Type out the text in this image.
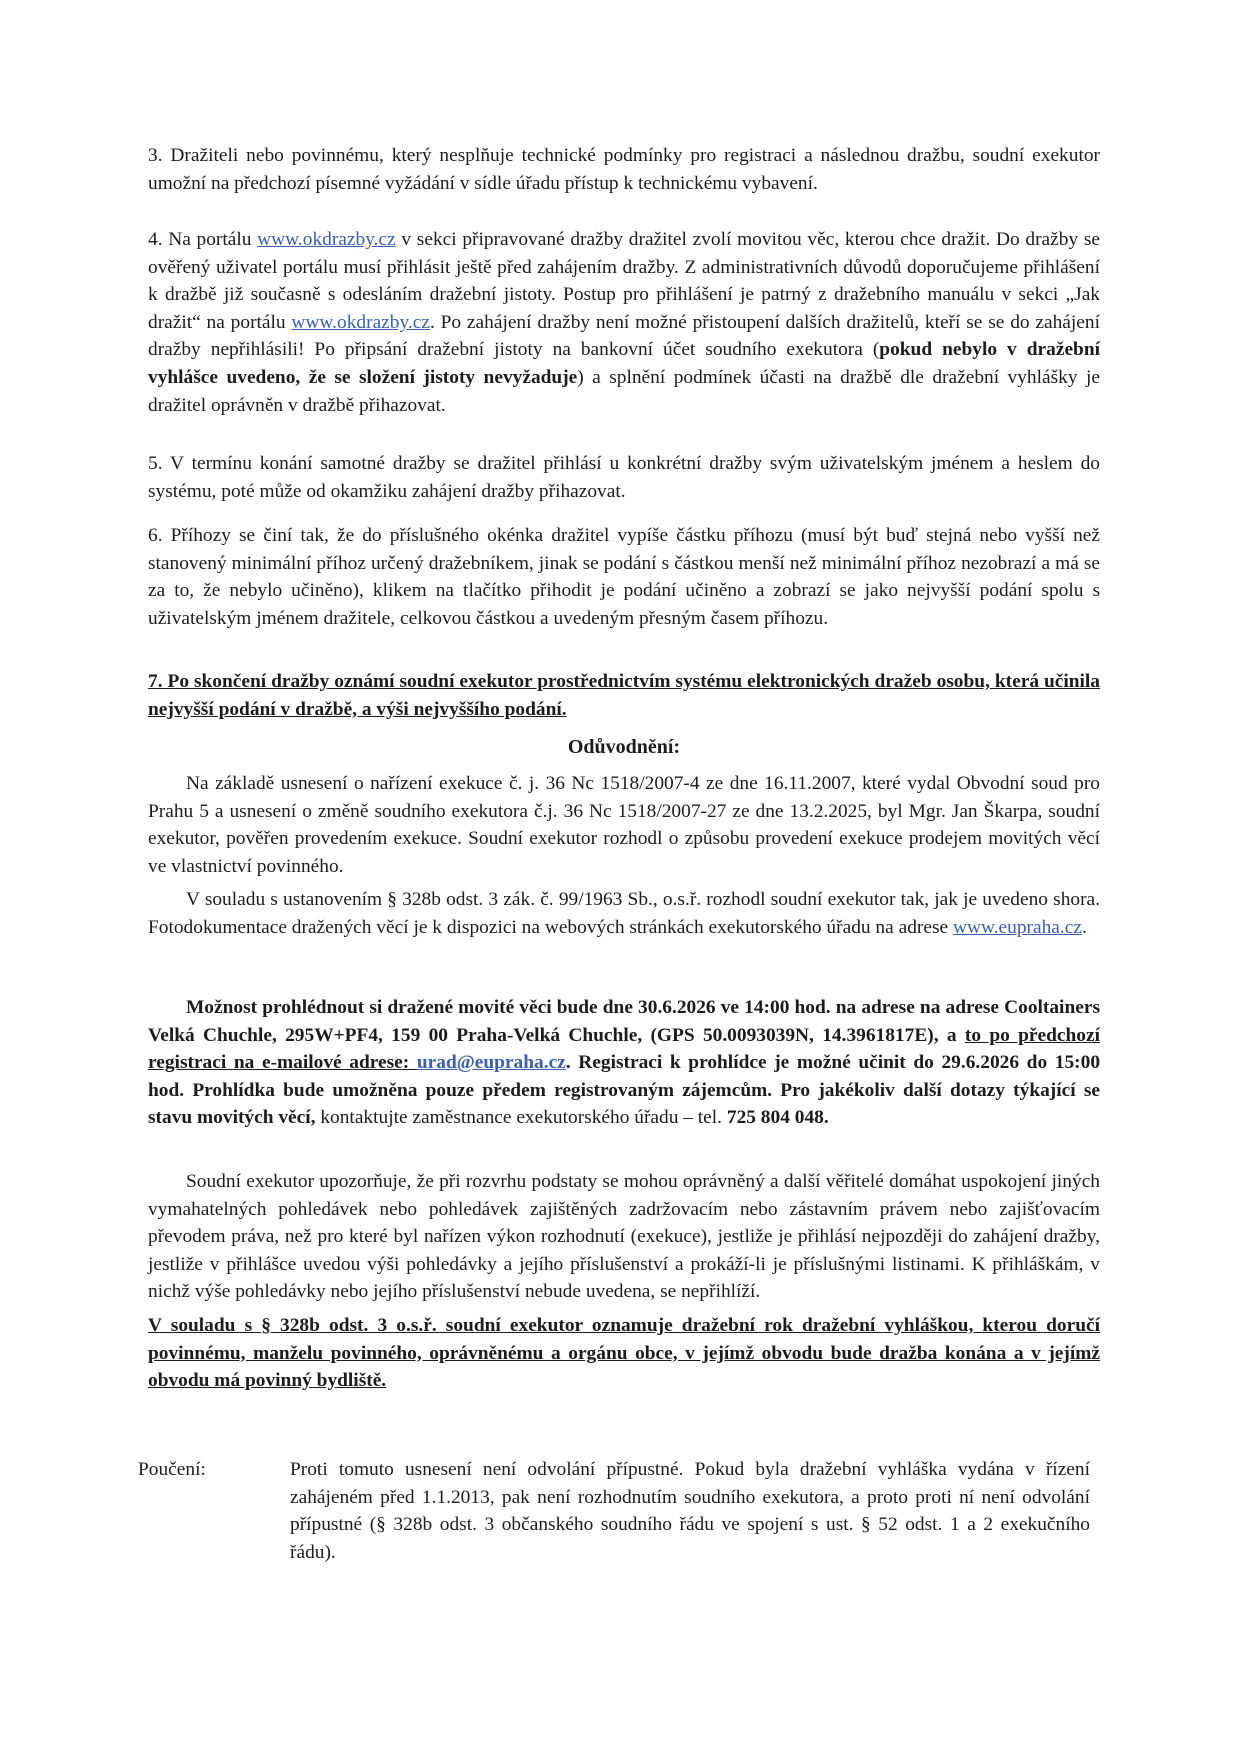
3. Dražiteli nebo povinnému, který nesplňuje technické podmínky pro registraci a následnou dražbu, soudní exekutor umožní na předchozí písemné vyžádání v sídle úřadu přístup k technickému vybavení.

4. Na portálu www.okdrazby.cz v sekci připravované dražby dražitel zvolí movitou věc, kterou chce dražit. Do dražby se ověřený uživatel portálu musí přihlásit ještě před zahájením dražby. Z administrativních důvodů doporučujeme přihlášení k dražbě již současně s odesláním dražební jistoty. Postup pro přihlášení je patrný z dražebního manuálu v sekci „Jak dražit“ na portálu www.okdrazby.cz. Po zahájení dražby není možné přistoupení dalších dražitelů, kteří se se do zahájení dražby nepřihlásili! Po připsání dražební jistoty na bankovní účet soudního exekutora (pokud nebylo v dražební vyhlášce uvedeno, že se složení jistoty nevyžaduje) a splnění podmínek účasti na dražbě dle dražební vyhlášky je dražitel oprávněn v dražbě přihazovat.

5. V termínu konání samotné dražby se dražitel přihlásí u konkrétní dražby svým uživatelským jménem a heslem do systému, poté může od okamžiku zahájení dražby přihazovat.

6. Příhozy se činí tak, že do příslušného okénka dražitel vypíše částku příhozu (musí být buď stejná nebo vyšší než stanovený minimální příhoz určený dražebníkem, jinak se podání s částkou menší než minimální příhoz nezobrazí a má se za to, že nebylo učiněno), klikem na tlačítko přihodit je podání učiněno a zobrazí se jako nejvyšší podání spolu s uživatelským jménem dražitele, celkovou částkou a uvedeným přesným časem příhozu.

7. Po skončení dražby oznámí soudní exekutor prostřednictvím systému elektronických dražeb osobu, která učinila nejvyšší podání v dražbě, a výši nejvyššího podání.

Odůvodnění:

Na základě usnesení o nařízení exekuce č. j. 36 Nc 1518/2007-4 ze dne 16.11.2007, které vydal Obvodní soud pro Prahu 5 a usnesení o změně soudního exekutora č.j. 36 Nc 1518/2007-27 ze dne 13.2.2025, byl Mgr. Jan Škarpa, soudní exekutor, pověřen provedením exekuce. Soudní exekutor rozhodl o způsobu provedení exekuce prodejem movitých věcí ve vlastnictví povinného.

V souladu s ustanovením § 328b odst. 3 zák. č. 99/1963 Sb., o.s.ř. rozhodl soudní exekutor tak, jak je uvedeno shora. Fotodokumentace dražených věcí je k dispozici na webových stránkách exekutorského úřadu na adrese www.eupraha.cz.

Možnost prohlédnout si dražené movité věci bude dne 30.6.2026 ve 14:00 hod. na adrese na adrese Cooltainers Velká Chuchle, 295W+PF4, 159 00 Praha-Velká Chuchle, (GPS 50.0093039N, 14.3961817E), a to po předchozí registraci na e-mailové adrese: urad@eupraha.cz. Registraci k prohlídce je možné učinit do 29.6.2026 do 15:00 hod. Prohlídka bude umožněna pouze předem registrovaným zájemcům. Pro jakékoliv další dotazy týkající se stavu movitých věcí, kontaktujte zaměstnance exekutorského úřadu – tel. 725 804 048.

Soudní exekutor upozorňuje, že při rozvrhu podstaty se mohou oprávněný a další věřitelé domáhat uspokojení jiných vymahatelných pohledávek nebo pohledávek zajištěných zadržovacím nebo zástavním právem nebo zajišťovacím převodem práva, než pro které byl nařízen výkon rozhodnutí (exekuce), jestliže je přihlásí nejpozději do zahájení dražby, jestliže v přihlášce uvedou výši pohledávky a jejího příslušenství a prokáží-li je příslušnými listinami. K přihláškám, v nichž výše pohledávky nebo jejího příslušenství nebude uvedena, se nepřihlíží.

V souladu s § 328b odst. 3 o.s.ř. soudní exekutor oznamuje dražební rok dražební vyhláškou, kterou doručí povinnému, manželu povinného, oprávněnému a orgánu obce, v jejímž obvodu bude dražba konána a v jejímž obvodu má povinný bydliště.

Poučení:	Proti tomuto usnesení není odvolání přípustné. Pokud byla dražební vyhláška vydána v řízení zahájeném před 1.1.2013, pak není rozhodnutím soudního exekutora, a proto proti ní není odvolání přípustné (§ 328b odst. 3 občanského soudního řádu ve spojení s ust. § 52 odst. 1 a 2 exekučního řádu).
